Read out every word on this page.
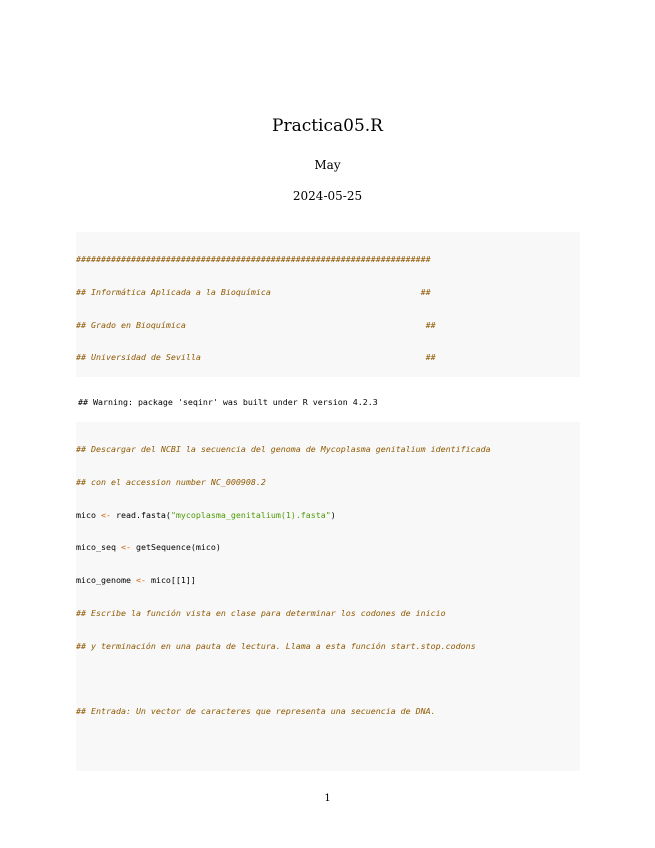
Practica05.R
May
2024-05-25

#######################################################################

## Informática Aplicada a la Bioquímica                              ##

## Grado en Bioquímica                                                ##

## Universidad de Sevilla                                             ##

## Warning: package 'seqinr' was built under R version 4.2.3

## Descargar del NCBI la secuencia del genoma de Mycoplasma genitalium identificada

## con el accession number NC_000908.2

mico <- read.fasta("mycoplasma_genitalium(1).fasta")

mico_seq <- getSequence(mico)

mico_genome <- mico[[1]]

## Escribe la función vista en clase para determinar los codones de inicio

## y terminación en una pauta de lectura. Llama a esta función start.stop.codons

## Entrada: Un vector de caracteres que representa una secuencia de DNA.

1
